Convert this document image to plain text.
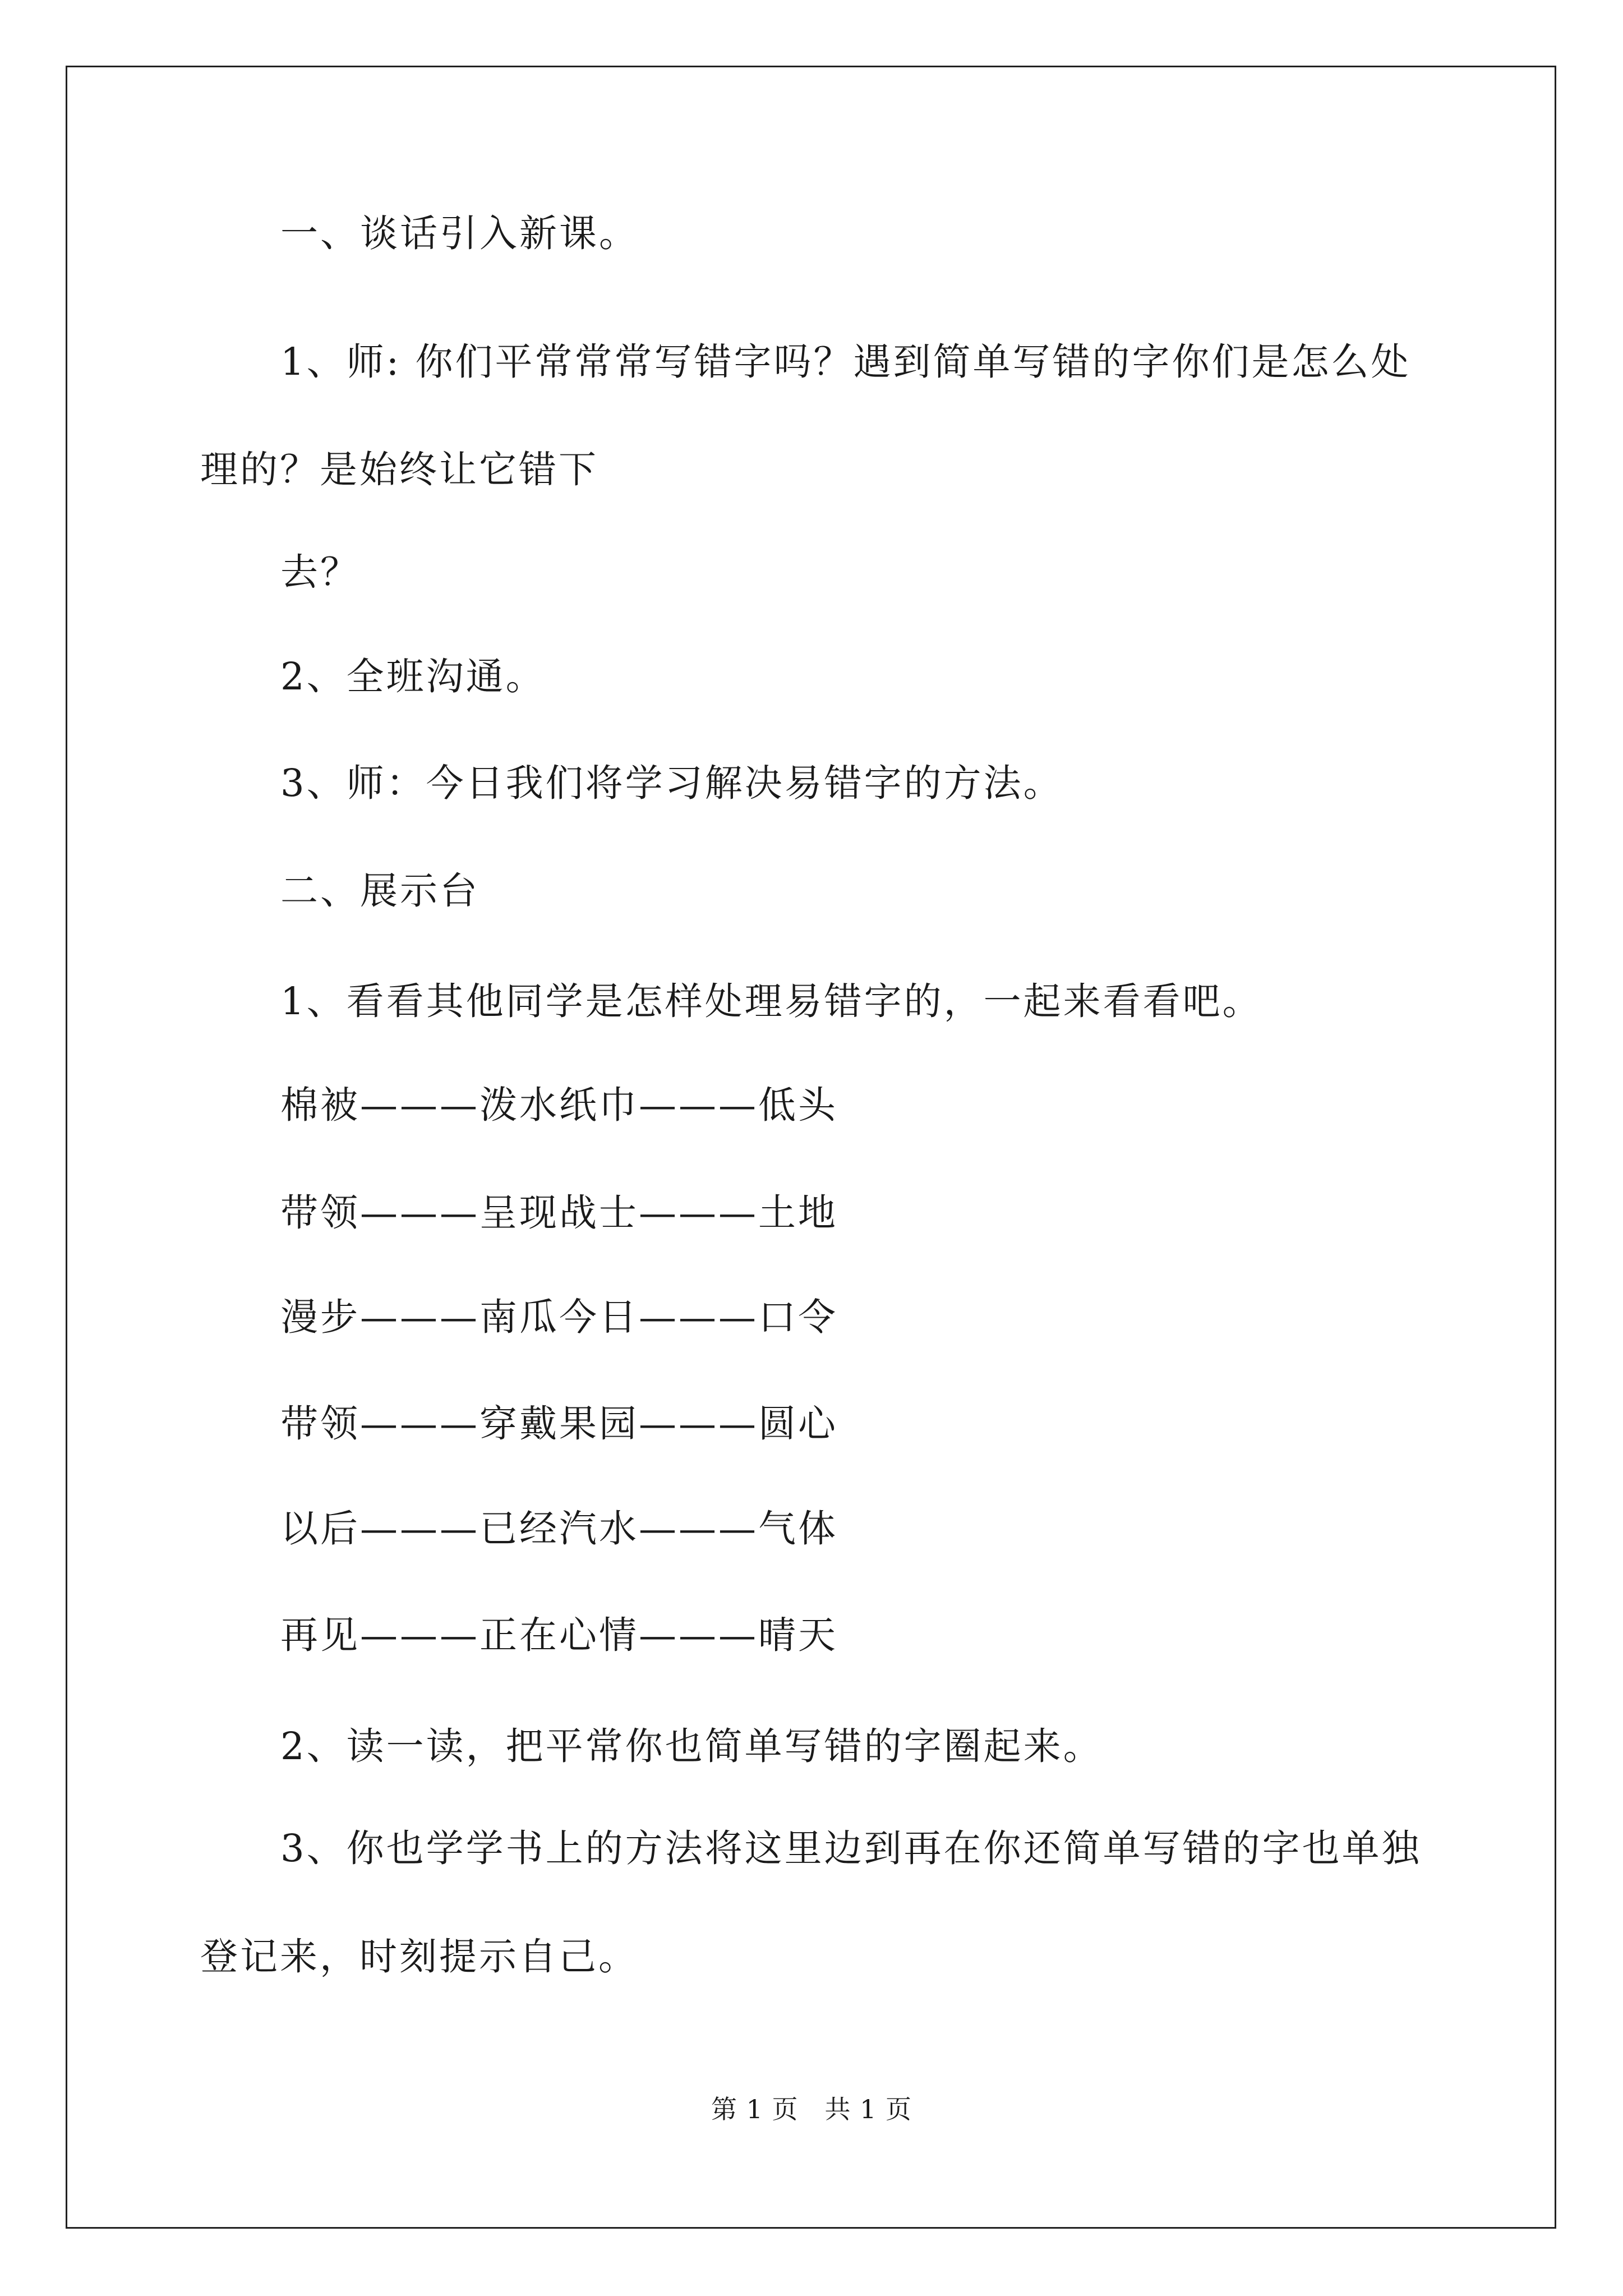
一、谈话引入新课。
1、师: 你们平常常常写错字吗？遇到简单写错的字你们是怎么处
理的？是始终让它错下
去？
2、全班沟通。
3、师：今日我们将学习解决易错字的方法。
二、展示台
1、看看其他同学是怎样处理易错字的，一起来看看吧。
棉被———泼水纸巾———低头
带领———呈现战士———土地
漫步———南瓜今日———口令
带领———穿戴果园———圆心
以后———已经汽水———气体
再见———正在心情———晴天
2、读一读，把平常你也简单写错的字圈起来。
3、你也学学书上的方法将这里边到再在你还简单写错的字也单独
登记来，时刻提示自己。
第 1 页　共 1 页
